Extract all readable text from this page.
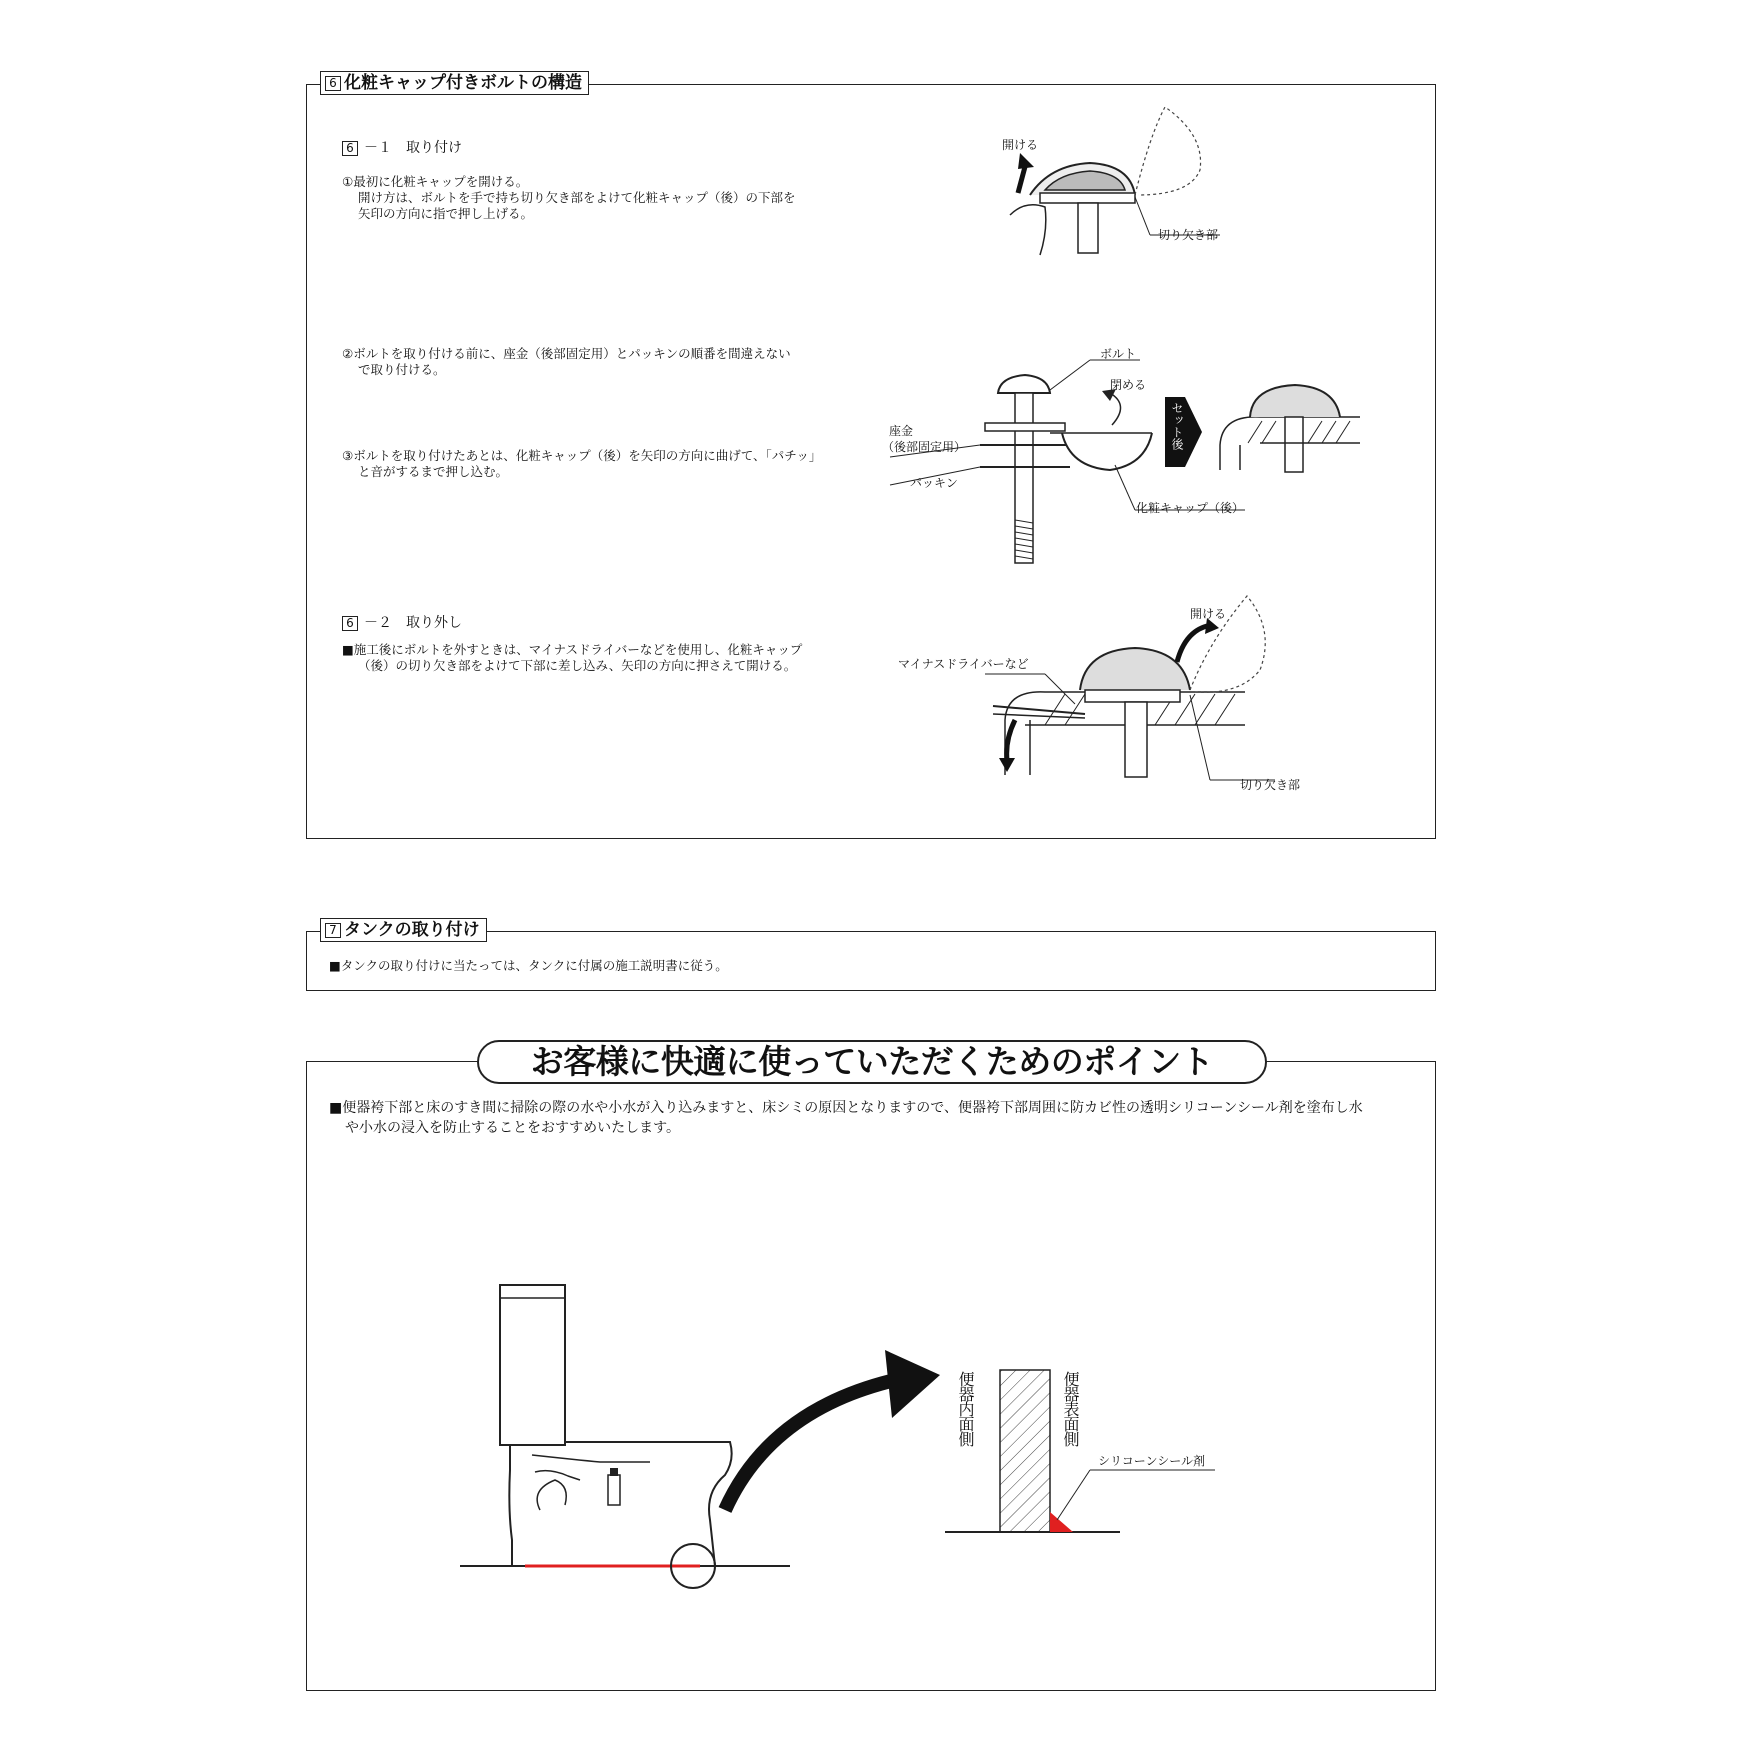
6 化粧キャップ付きボルトの構造
6 －１　取り付け
①最初に化粧キャップを開ける。
開け方は、ボルトを手で持ち切り欠き部をよけて化粧キャップ（後）の下部を
矢印の方向に指で押し上げる。
②ボルトを取り付ける前に、座金（後部固定用）とパッキンの順番を間違えない
で取り付ける。
③ボルトを取り付けたあとは、化粧キャップ（後）を矢印の方向に曲げて、「パチッ」
と音がするまで押し込む。
6 －２　取り外し
■施工後にボルトを外すときは、マイナスドライバーなどを使用し、化粧キャップ
（後）の切り欠き部をよけて下部に差し込み、矢印の方向に押さえて開ける。
開ける
切り欠き部
ボルト
閉める
座金
（後部固定用）
パッキン
化粧キャップ（後）
セット後
開ける
マイナスドライバーなど
切り欠き部
7 タンクの取り付け
■タンクの取り付けに当たっては、タンクに付属の施工説明書に従う。
お客様に快適に使っていただくためのポイント
■便器袴下部と床のすき間に掃除の際の水や小水が入り込みますと、床シミの原因となりますので、便器袴下部周囲に防カビ性の透明シリコーンシール剤を塗布し水
や小水の浸入を防止することをおすすめいたします。
便器内面側	便器表面側
シリコーンシール剤
